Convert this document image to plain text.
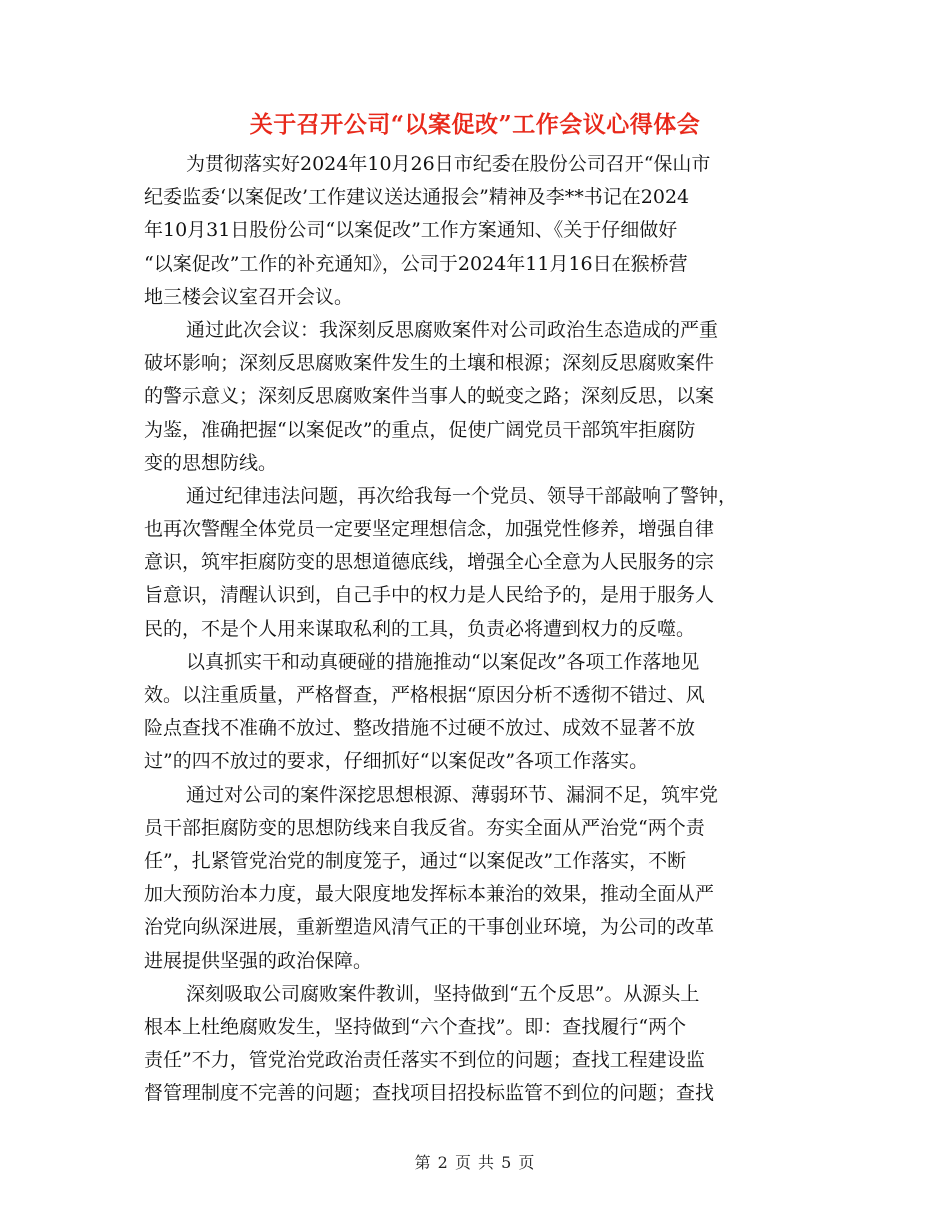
关于召开公司“以案促改”工作会议心得体会
为贯彻落实好2024年10月26日市纪委在股份公司召开“保山市
纪委监委‘以案促改’工作建议送达通报会”精神及李**书记在2024
年10月31日股份公司“以案促改”工作方案通知、《关于仔细做好
“以案促改”工作的补充通知》，公司于2024年11月16日在猴桥营
地三楼会议室召开会议。
通过此次会议：我深刻反思腐败案件对公司政治生态造成的严重
破坏影响；深刻反思腐败案件发生的土壤和根源；深刻反思腐败案件
的警示意义；深刻反思腐败案件当事人的蜕变之路；深刻反思，以案
为鉴，准确把握“以案促改”的重点，促使广阔党员干部筑牢拒腐防
变的思想防线。
通过纪律违法问题，再次给我每一个党员、领导干部敲响了警钟，
也再次警醒全体党员一定要坚定理想信念，加强党性修养，增强自律
意识，筑牢拒腐防变的思想道德底线，增强全心全意为人民服务的宗
旨意识，清醒认识到，自己手中的权力是人民给予的，是用于服务人
民的，不是个人用来谋取私利的工具，负责必将遭到权力的反噬。
以真抓实干和动真硬碰的措施推动“以案促改”各项工作落地见
效。以注重质量，严格督查，严格根据“原因分析不透彻不错过、风
险点查找不准确不放过、整改措施不过硬不放过、成效不显著不放
过”的四不放过的要求，仔细抓好“以案促改”各项工作落实。
通过对公司的案件深挖思想根源、薄弱环节、漏洞不足，筑牢党
员干部拒腐防变的思想防线来自我反省。夯实全面从严治党“两个责
任”，扎紧管党治党的制度笼子，通过“以案促改”工作落实，不断
加大预防治本力度，最大限度地发挥标本兼治的效果，推动全面从严
治党向纵深进展，重新塑造风清气正的干事创业环境，为公司的改革
进展提供坚强的政治保障。
深刻吸取公司腐败案件教训，坚持做到“五个反思”。从源头上
根本上杜绝腐败发生，坚持做到“六个查找”。即：查找履行“两个
责任”不力，管党治党政治责任落实不到位的问题；查找工程建设监
督管理制度不完善的问题；查找项目招投标监管不到位的问题；查找
第 2 页 共 5 页
